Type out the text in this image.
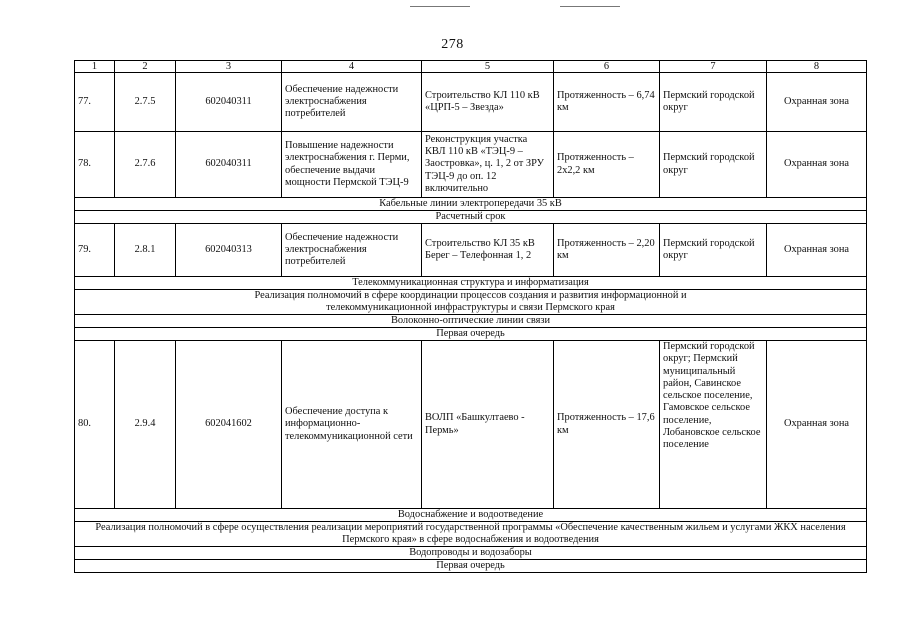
278
1	2	3	4	5	6	7	8
77.	2.7.5	602040311	Обеспечение надежности электроснабжения потребителей	Строительство КЛ 110 кВ «ЦРП-5 – Звезда»	Протяженность – 6,74 км	Пермский городской округ	Охранная зона
78.	2.7.6	602040311	Повышение надежности электроснабжения г. Перми, обеспечение выдачи мощности Пермской ТЭЦ-9	Реконструкция участка КВЛ 110 кВ «ТЭЦ-9 – Заостровка», ц. 1, 2 от ЗРУ ТЭЦ-9 до оп. 12 включительно	Протяженность – 2х2,2 км	Пермский городской округ	Охранная зона
Кабельные линии электропередачи 35 кВ							
Расчетный срок							
79.	2.8.1	602040313	Обеспечение надежности электроснабжения потребителей	Строительство КЛ 35 кВ Берег – Телефонная 1, 2	Протяженность – 2,20 км	Пермский городской округ	Охранная зона
Телекоммуникационная структура и информатизация							
Реализация полномочий в сфере координации процессов создания и развития информационной и телекоммуникационной инфраструктуры и связи Пермского края							
Волоконно-оптические линии связи							
Первая очередь							
80.	2.9.4	602041602	Обеспечение доступа к информационно-телекоммуникационной сети	ВОЛП «Башкултаево - Пермь»	Протяженность – 17,6 км	Пермский городской округ; Пермский муниципальный район, Савинское сельское поселение, Гамовское сельское поселение, Лобановское сельское поселение	Охранная зона
Водоснабжение и водоотведение							
Реализация полномочий в сфере осуществления реализации мероприятий государственной программы «Обеспечение качественным жильем и услугами ЖКХ населения Пермского края» в сфере водоснабжения и водоотведения							
Водопроводы и водозаборы							
Первая очередь							
